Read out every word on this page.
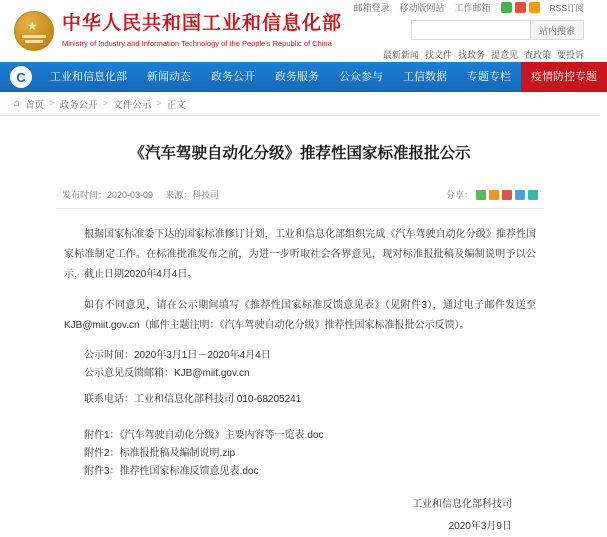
★ 中华人民共和国工业和信息化部
Ministry of Industry and Information Technology of the People's Republic of China
邮箱登录 移动版网站 工作邮箱	RSS订阅
站内搜索
最新新闻 找文件 找政务 提意见 查政策 要投诉
C	工业和信息化部	新闻动态	政务公开	政务服务	公众参与	工信数据	专题专栏	疫情防控专题
⌂ 首页 > 政务公开 > 文件公示 > 正文
《汽车驾驶自动化分级》推荐性国家标准报批公示
发布时间：2020-03-09 来源：科技司	分享：
根据国家标准委下达的国家标准修订计划，工业和信息化部组织完成《汽车驾驶自动化分级》推荐性国家标准制定工作。在标准批准发布之前，为进一步听取社会各界意见，现对标准报批稿及编制说明予以公示，截止日期2020年4月4日。
如有不同意见，请在公示期间填写《推荐性国家标准反馈意见表》（见附件3），通过电子邮件发送至KJB@miit.gov.cn（邮件主题注明：《汽车驾驶自动化分级》推荐性国家标准报批公示反馈）。
公示时间：2020年3月1日－2020年4月4日
公示意见反馈邮箱：KJB@miit.gov.cn
联系电话：工业和信息化部科技司 010-68205241
附件1：《汽车驾驶自动化分级》主要内容等一览表.doc
附件2：标准报批稿及编制说明.zip
附件3：推荐性国家标准反馈意见表.doc
工业和信息化部科技司
2020年3月9日
